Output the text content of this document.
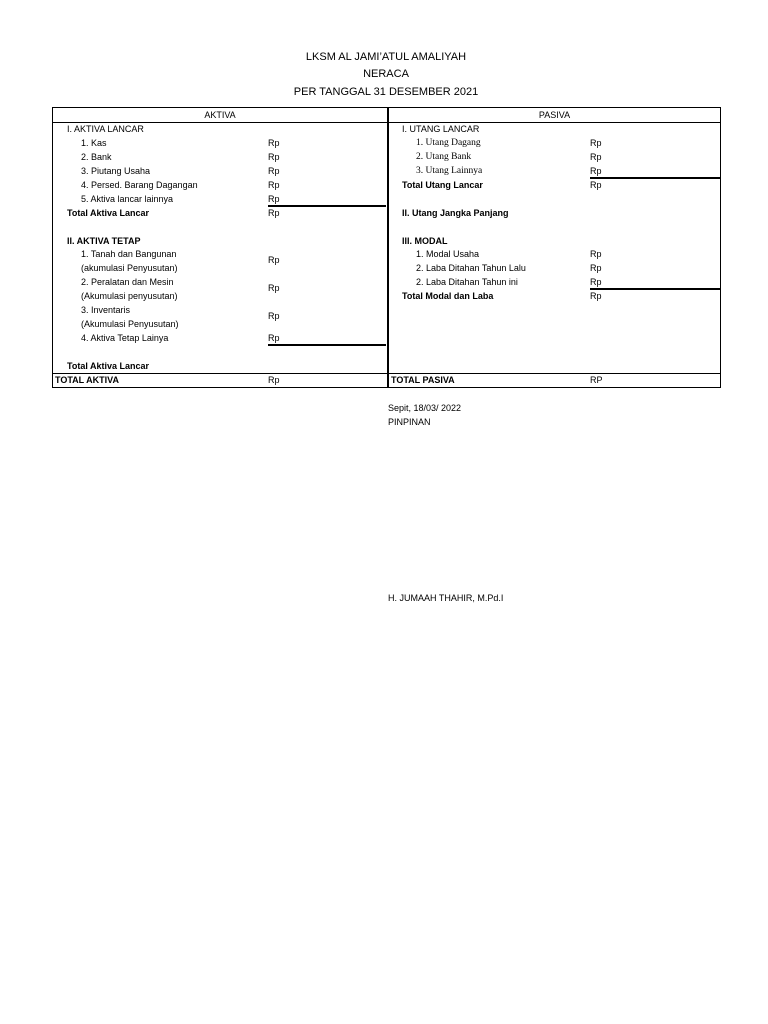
LKSM AL JAMI’ATUL AMALIYAH
NERACA
PER TANGGAL 31 DESEMBER 2021
AKTIVA	PASIVA
I. AKTIVA LANCAR
1. Kas	Rp
2. Bank	Rp
3. Piutang Usaha	Rp
4. Persed. Barang Dagangan	Rp
5. Aktiva lancar lainnya	Rp
Total Aktiva Lancar	Rp
II. AKTIVA TETAP
1. Tanah dan Bangunan
(akumulasi Penyusutan)
Rp
2. Peralatan dan Mesin
(Akumulasi penyusutan)
Rp
3. Inventaris
(Akumulasi Penyusutan)
Rp
4. Aktiva Tetap Lainya	Rp
Total Aktiva Lancar
TOTAL AKTIVA	Rp
I. UTANG LANCAR
1. Utang Dagang	Rp
2. Utang Bank	Rp
3. Utang Lainnya	Rp
Total Utang Lancar	Rp
II. Utang Jangka Panjang
III. MODAL
1. Modal Usaha	Rp
2. Laba Ditahan Tahun Lalu	Rp
2. Laba Ditahan Tahun ini	Rp
Total Modal dan Laba	Rp
TOTAL PASIVA	RP
Sepit, 18/03/ 2022
PINPINAN
H. JUMAAH THAHIR, M.Pd.I
